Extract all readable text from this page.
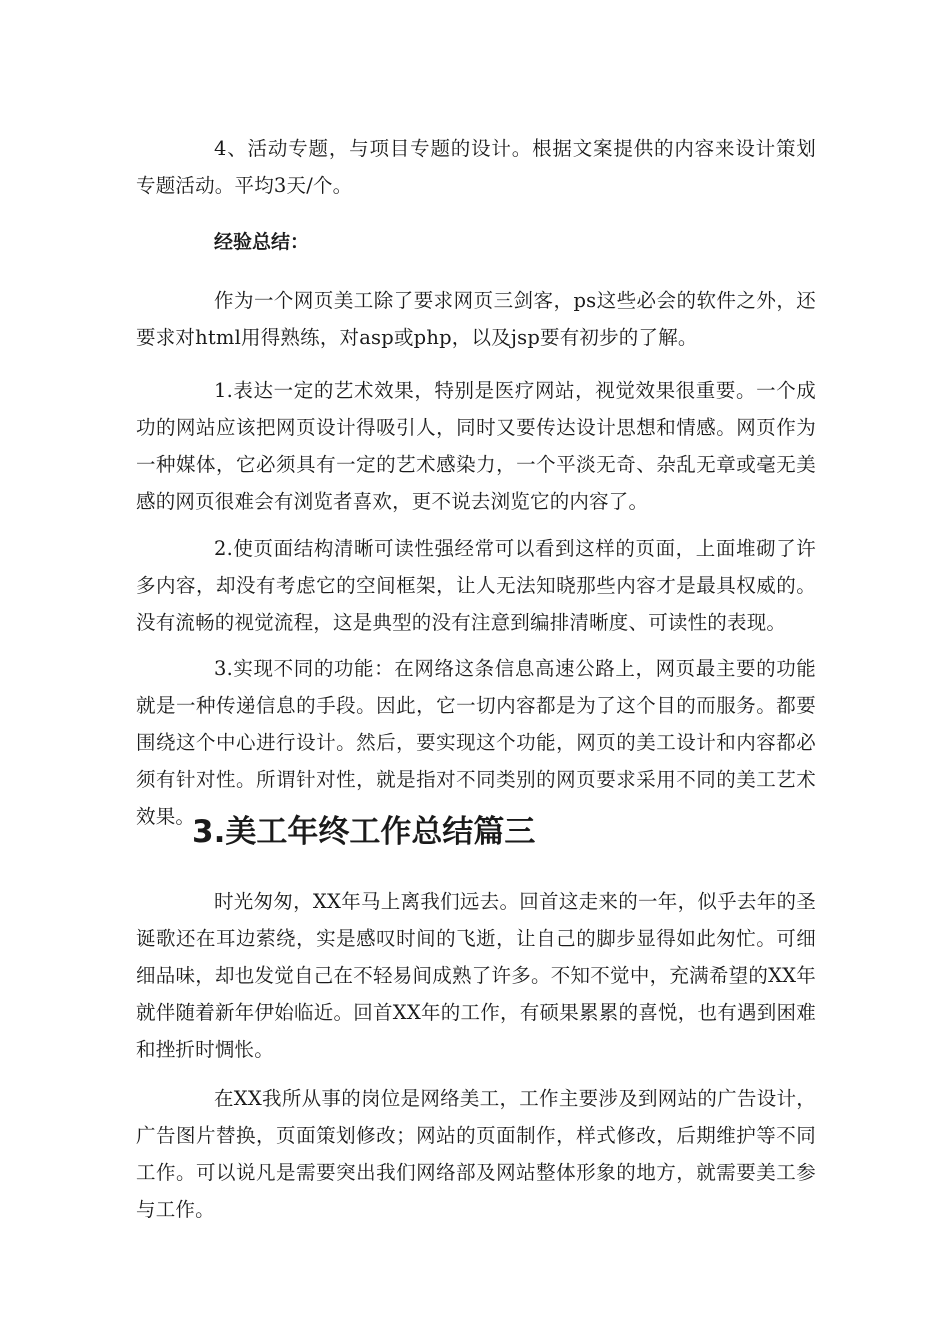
4、活动专题，与项目专题的设计。根据文案提供的内容来设计策划专题活动。平均3天/个。

经验总结：

作为一个网页美工除了要求网页三剑客，ps这些必会的软件之外，还要求对html用得熟练，对asp或php，以及jsp要有初步的了解。

1.表达一定的艺术效果，特别是医疗网站，视觉效果很重要。一个成功的网站应该把网页设计得吸引人，同时又要传达设计思想和情感。网页作为一种媒体，它必须具有一定的艺术感染力，一个平淡无奇、杂乱无章或毫无美感的网页很难会有浏览者喜欢，更不说去浏览它的内容了。

2.使页面结构清晰可读性强经常可以看到这样的页面，上面堆砌了许多内容，却没有考虑它的空间框架，让人无法知晓那些内容才是最具权威的。没有流畅的视觉流程，这是典型的没有注意到编排清晰度、可读性的表现。

3.实现不同的功能：在网络这条信息高速公路上，网页最主要的功能就是一种传递信息的手段。因此，它一切内容都是为了这个目的而服务。都要围绕这个中心进行设计。然后，要实现这个功能，网页的美工设计和内容都必须有针对性。所谓针对性，就是指对不同类别的网页要求采用不同的美工艺术效果。

3.美工年终工作总结篇三

时光匆匆，XX年马上离我们远去。回首这走来的一年，似乎去年的圣诞歌还在耳边萦绕，实是感叹时间的飞逝，让自己的脚步显得如此匆忙。可细细品味，却也发觉自己在不轻易间成熟了许多。不知不觉中，充满希望的XX年就伴随着新年伊始临近。回首XX年的工作，有硕果累累的喜悦，也有遇到困难和挫折时惆怅。

在XX我所从事的岗位是网络美工，工作主要涉及到网站的广告设计，广告图片替换，页面策划修改；网站的页面制作，样式修改，后期维护等不同工作。可以说凡是需要突出我们网络部及网站整体形象的地方，就需要美工参与工作。
